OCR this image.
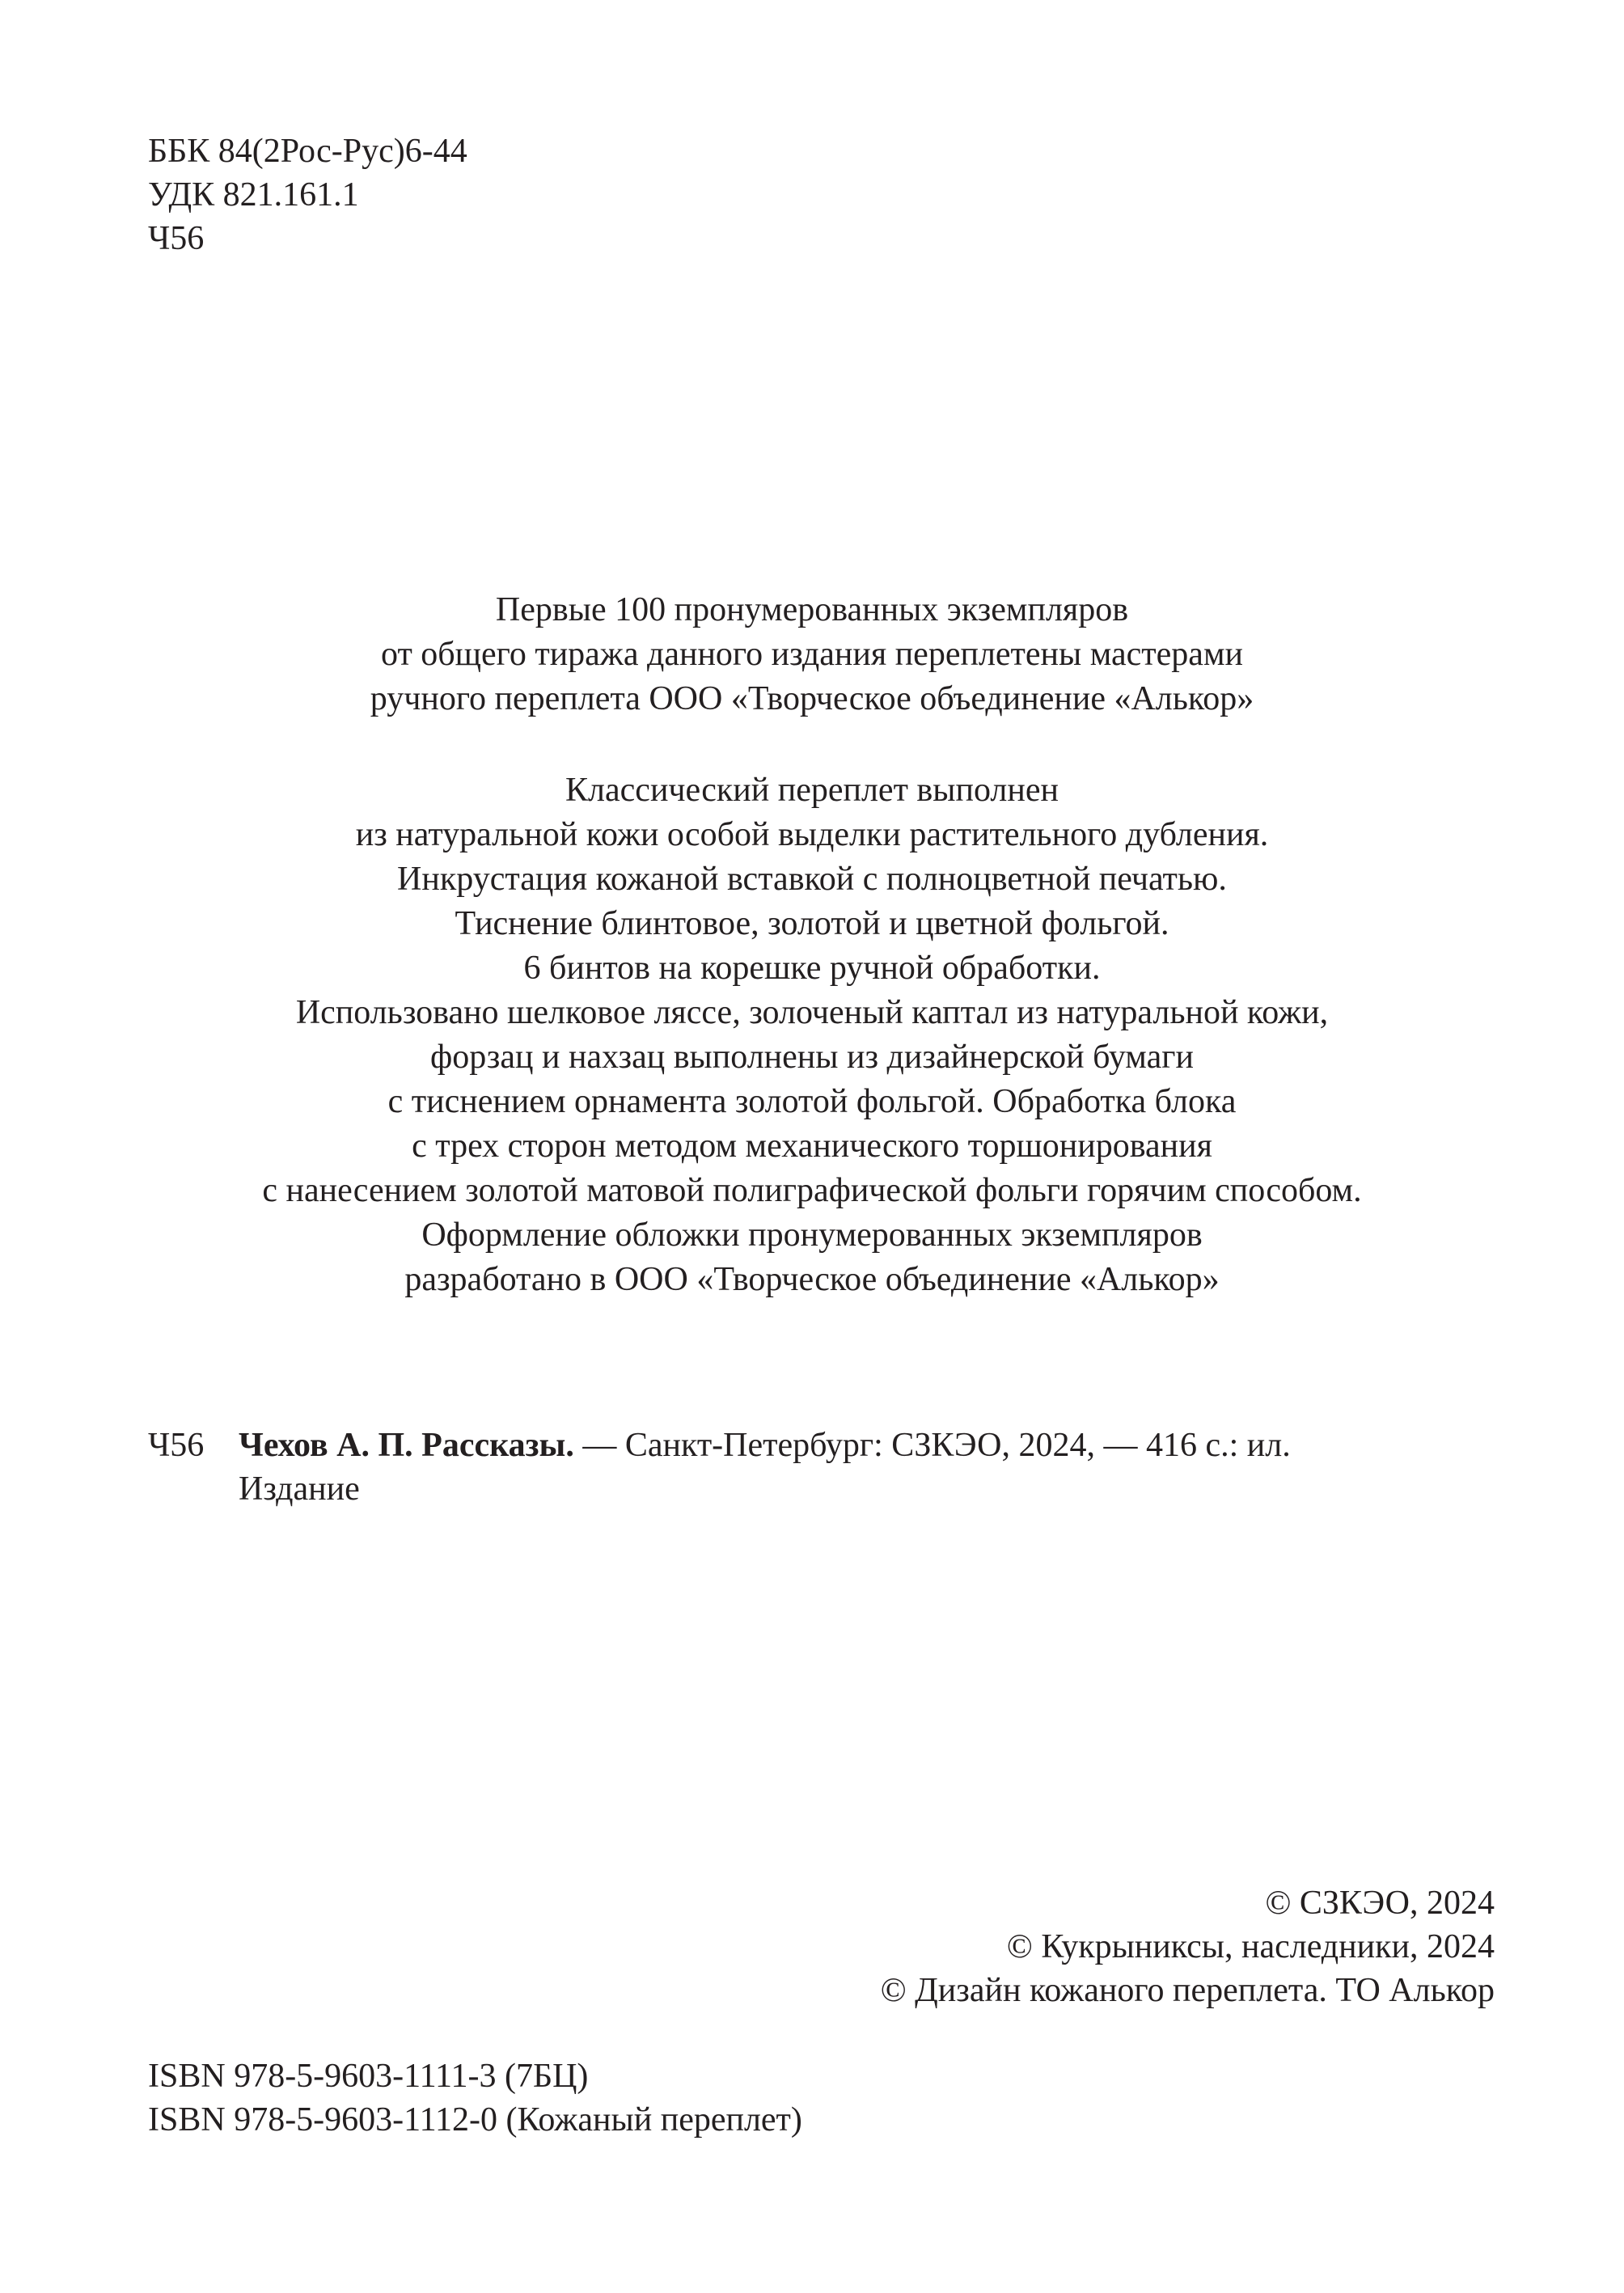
ББК 84(2Рос-Рус)6-44
УДК 821.161.1
Ч56
Первые 100 пронумерованных экземпляров
от общего тиража данного издания переплетены мастерами
ручного переплета ООО «Творческое объединение «Алькор»
Классический переплет выполнен
из натуральной кожи особой выделки растительного дубления.
Инкрустация кожаной вставкой с полноцветной печатью.
Тиснение блинтовое, золотой и цветной фольгой.
6 бинтов на корешке ручной обработки.
Использовано шелковое ляссе, золоченый каптал из натуральной кожи,
форзац и нахзац выполнены из дизайнерской бумаги
с тиснением орнамента золотой фольгой. Обработка блока
с трех сторон методом механического торшонирования
с нанесением золотой матовой полиграфической фольги горячим способом.
Оформление обложки пронумерованных экземпляров
разработано в ООО «Творческое объединение «Алькор»
Ч56	Чехов А. П. Рассказы. — Санкт-Петербург: СЗКЭО, 2024, — 416 с.: ил.
Издание
© СЗКЭО, 2024
© Кукрыниксы, наследники, 2024
© Дизайн кожаного переплета. ТО Алькор
ISBN 978-5-9603-1111-3 (7БЦ)
ISBN 978-5-9603-1112-0 (Кожаный переплет)
